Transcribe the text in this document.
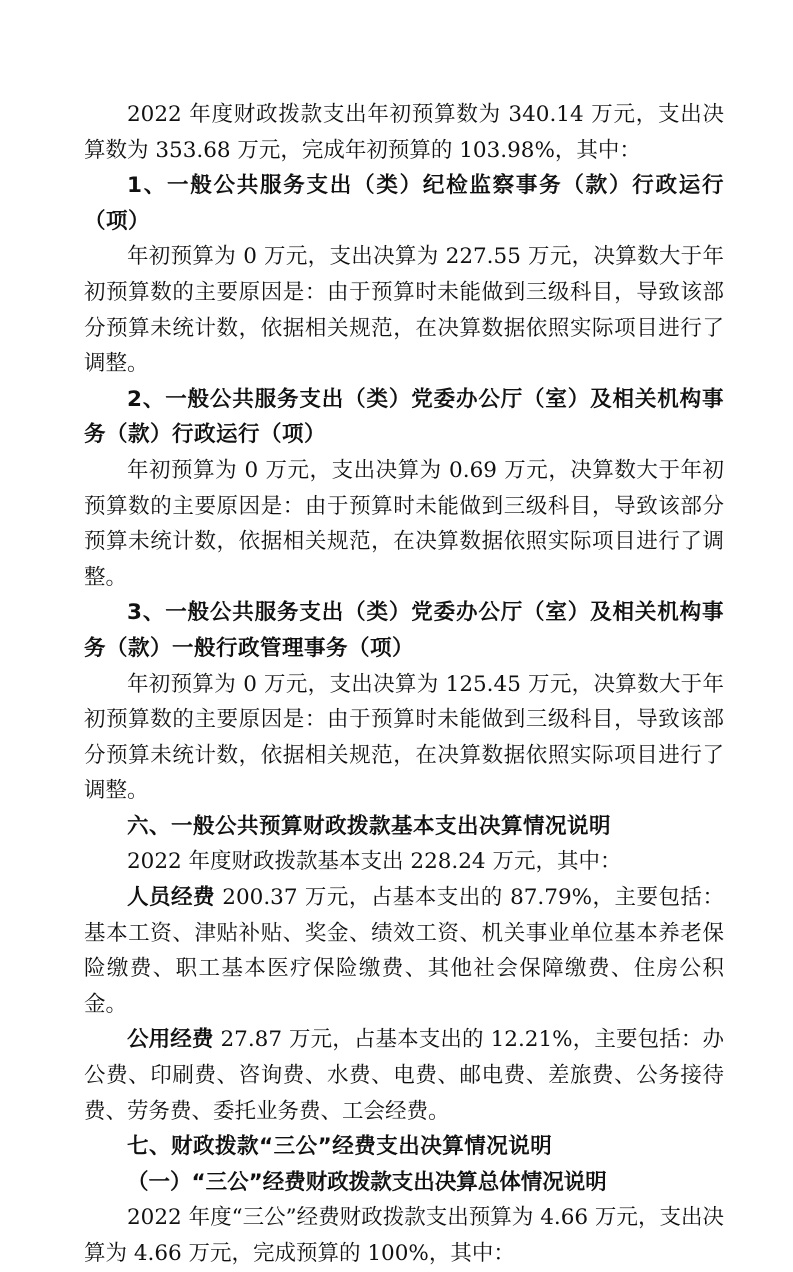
2022 年度财政拨款支出年初预算数为 340.14 万元，支出决算数为 353.68 万元，完成年初预算的 103.98%，其中：

1、一般公共服务支出（类）纪检监察事务（款）行政运行（项）

年初预算为 0 万元，支出决算为 227.55 万元，决算数大于年初预算数的主要原因是：由于预算时未能做到三级科目，导致该部分预算未统计数，依据相关规范，在决算数据依照实际项目进行了调整。

2、一般公共服务支出（类）党委办公厅（室）及相关机构事务（款）行政运行（项）

年初预算为 0 万元，支出决算为 0.69 万元，决算数大于年初预算数的主要原因是：由于预算时未能做到三级科目，导致该部分预算未统计数，依据相关规范，在决算数据依照实际项目进行了调整。

3、一般公共服务支出（类）党委办公厅（室）及相关机构事务（款）一般行政管理事务（项）

年初预算为 0 万元，支出决算为 125.45 万元，决算数大于年初预算数的主要原因是：由于预算时未能做到三级科目，导致该部分预算未统计数，依据相关规范，在决算数据依照实际项目进行了调整。

六、一般公共预算财政拨款基本支出决算情况说明

2022 年度财政拨款基本支出 228.24 万元，其中：

人员经费 200.37 万元，占基本支出的 87.79%，主要包括：基本工资、津贴补贴、奖金、绩效工资、机关事业单位基本养老保险缴费、职工基本医疗保险缴费、其他社会保障缴费、住房公积金。

公用经费 27.87 万元，占基本支出的 12.21%，主要包括：办公费、印刷费、咨询费、水费、电费、邮电费、差旅费、公务接待费、劳务费、委托业务费、工会经费。

七、财政拨款“三公”经费支出决算情况说明

（一）“三公”经费财政拨款支出决算总体情况说明

2022 年度“三公”经费财政拨款支出预算为 4.66 万元，支出决算为 4.66 万元，完成预算的 100%，其中：
